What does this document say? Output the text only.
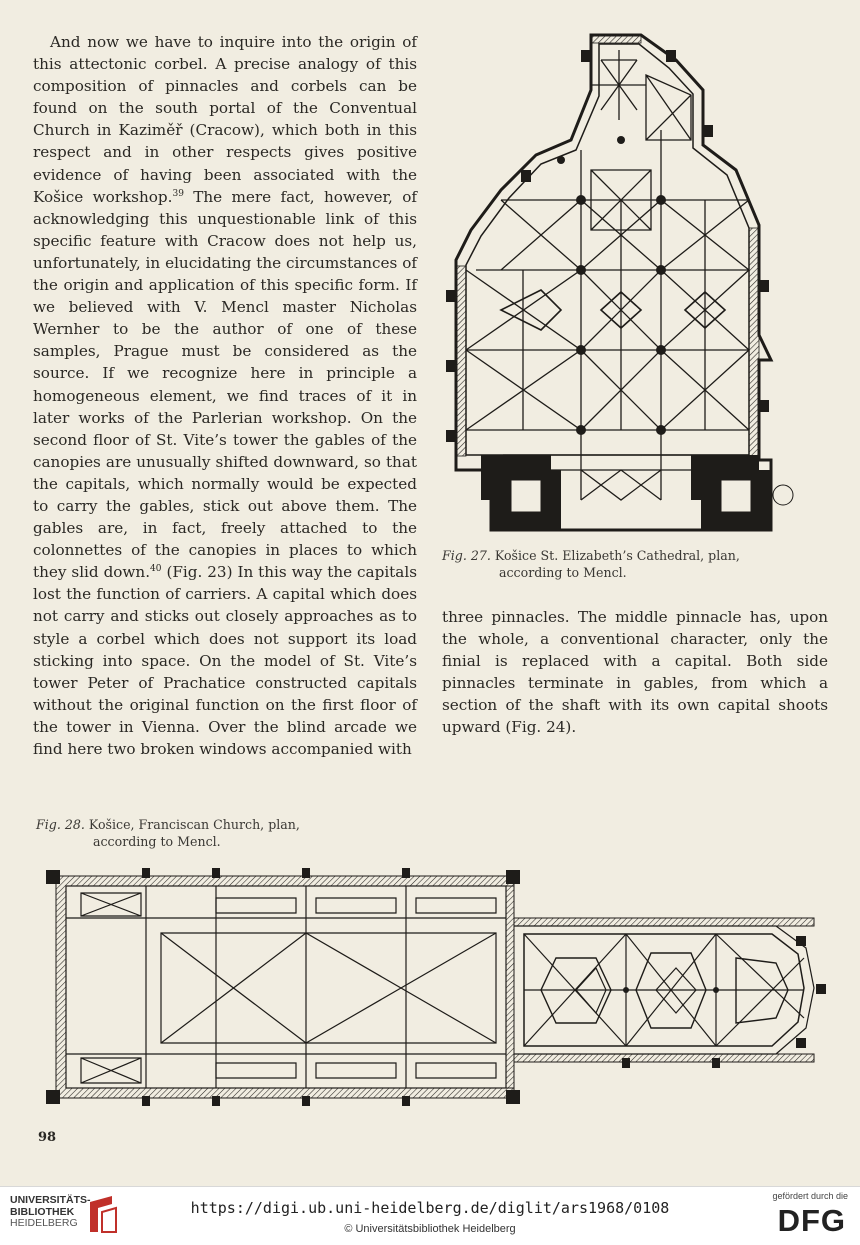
And now we have to inquire into the origin of this attectonic corbel. A precise analogy of this composition of pinnacles and corbels can be found on the south portal of the Conventual Church in Kaziměř (Cracow), which both in this respect and in other respects gives positive evidence of having been associated with the Košice workshop.$^{39}$ The mere fact, however, of acknowledging this unquestionable link of this specific feature with Cracow does not help us, unfortunately, in elucidating the circumstances of the origin and application of this specific form. If we believed with V. Mencl master Nicholas Wernher to be the author of one of these samples, Prague must be considered as the source. If we recognize here in principle a homogeneous element, we find traces of it in later works of the Parlerian workshop. On the second floor of St. Vite’s tower the gables of the canopies are unusually shifted downward, so that the capitals, which normally would be expected to carry the gables, stick out above them. The gables are, in fact, freely attached to the colonnettes of the canopies in places to which they slid down.$^{40}$ (Fig. 23) In this way the capitals lost the function of carriers. A capital which does not carry and sticks out closely approaches as to style a corbel which does not support its load sticking into space. On the model of St. Vite’s tower Peter of Prachatice constructed capitals without the original function on the first floor of the tower in Vienna. Over the blind arcade we find here two broken windows accompanied with

Fig. 27. Košice St. Elizabeth’s Cathedral, plan,
according to Mencl.

three pinnacles. The middle pinnacle has, upon the whole, a conventional character, only the finial is replaced with a capital. Both side pinnacles terminate in gables, from which a section of the shaft with its own capital shoots upward (Fig. 24).

Fig. 28. Košice, Franciscan Church, plan,
according to Mencl.
98
UNIVERSITÄTS-
BIBLIOTHEK
HEIDELBERG
https://digi.ub.uni-heidelberg.de/diglit/ars1968/0108
© Universitätsbibliothek Heidelberg
gefördert durch die
DFG
